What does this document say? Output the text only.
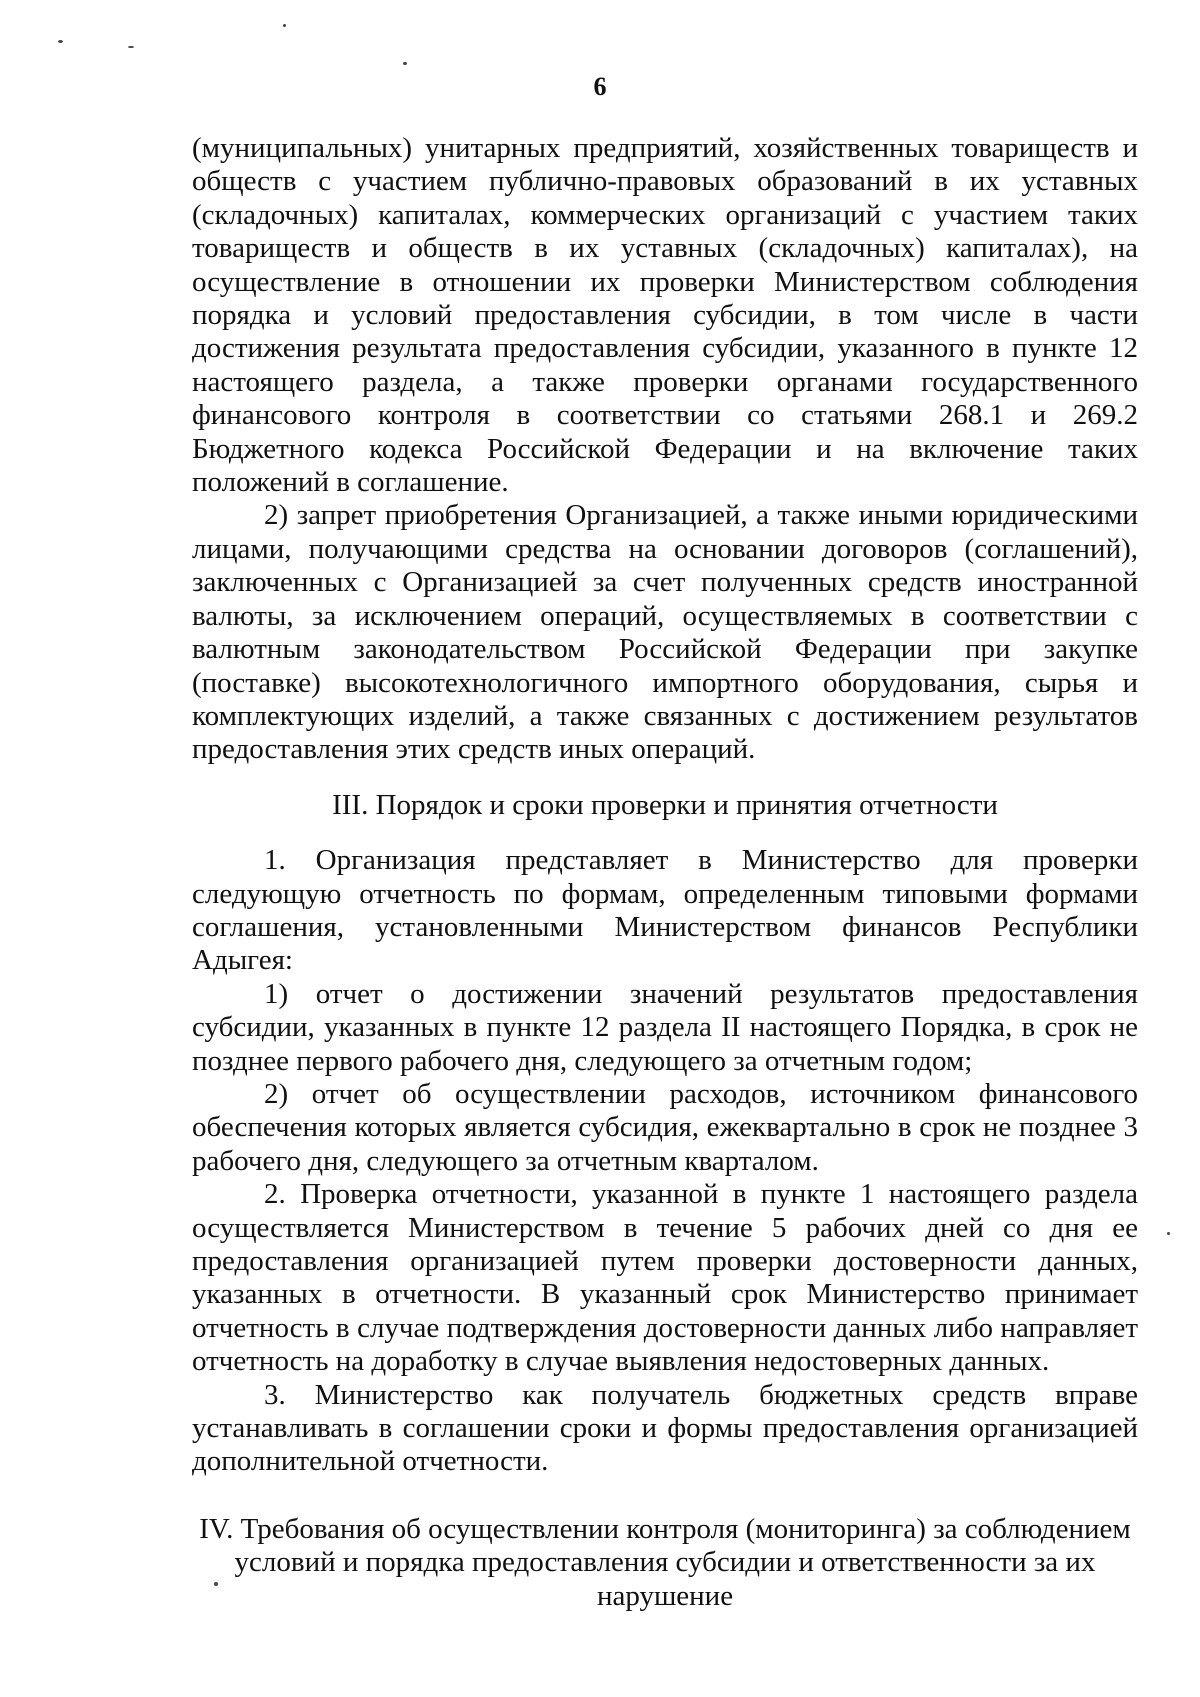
6

(муниципальных) унитарных предприятий, хозяйственных товариществ и обществ с участием публично-правовых образований в их уставных (складочных) капиталах, коммерческих организаций с участием таких товариществ и обществ в их уставных (складочных) капиталах), на осуществление в отношении их проверки Министерством соблюдения порядка и условий предоставления субсидии, в том числе в части достижения результата предоставления субсидии, указанного в пункте 12 настоящего раздела, а также проверки органами государственного финансового контроля в соответствии со статьями 268.1 и 269.2 Бюджетного кодекса Российской Федерации и на включение таких положений в соглашение.

2) запрет приобретения Организацией, а также иными юридическими лицами, получающими средства на основании договоров (соглашений), заключенных с Организацией за счет полученных средств иностранной валюты, за исключением операций, осуществляемых в соответствии с валютным законодательством Российской Федерации при закупке (поставке) высокотехнологичного импортного оборудования, сырья и комплектующих изделий, а также связанных с достижением результатов предоставления этих средств иных операций.

III. Порядок и сроки проверки и принятия отчетности

1. Организация представляет в Министерство для проверки следующую отчетность по формам, определенным типовыми формами соглашения, установленными Министерством финансов Республики Адыгея:

1) отчет о достижении значений результатов предоставления субсидии, указанных в пункте 12 раздела II настоящего Порядка, в срок не позднее первого рабочего дня, следующего за отчетным годом;

2) отчет об осуществлении расходов, источником финансового обеспечения которых является субсидия, ежеквартально в срок не позднее 3 рабочего дня, следующего за отчетным кварталом.

2. Проверка отчетности, указанной в пункте 1 настоящего раздела осуществляется Министерством в течение 5 рабочих дней со дня ее предоставления организацией путем проверки достоверности данных, указанных в отчетности. В указанный срок Министерство принимает отчетность в случае подтверждения достоверности данных либо направляет отчетность на доработку в случае выявления недостоверных данных.

3. Министерство как получатель бюджетных средств вправе устанавливать в соглашении сроки и формы предоставления организацией дополнительной отчетности.

IV. Требования об осуществлении контроля (мониторинга) за соблюдением
условий и порядка предоставления субсидии и ответственности за их
нарушение
